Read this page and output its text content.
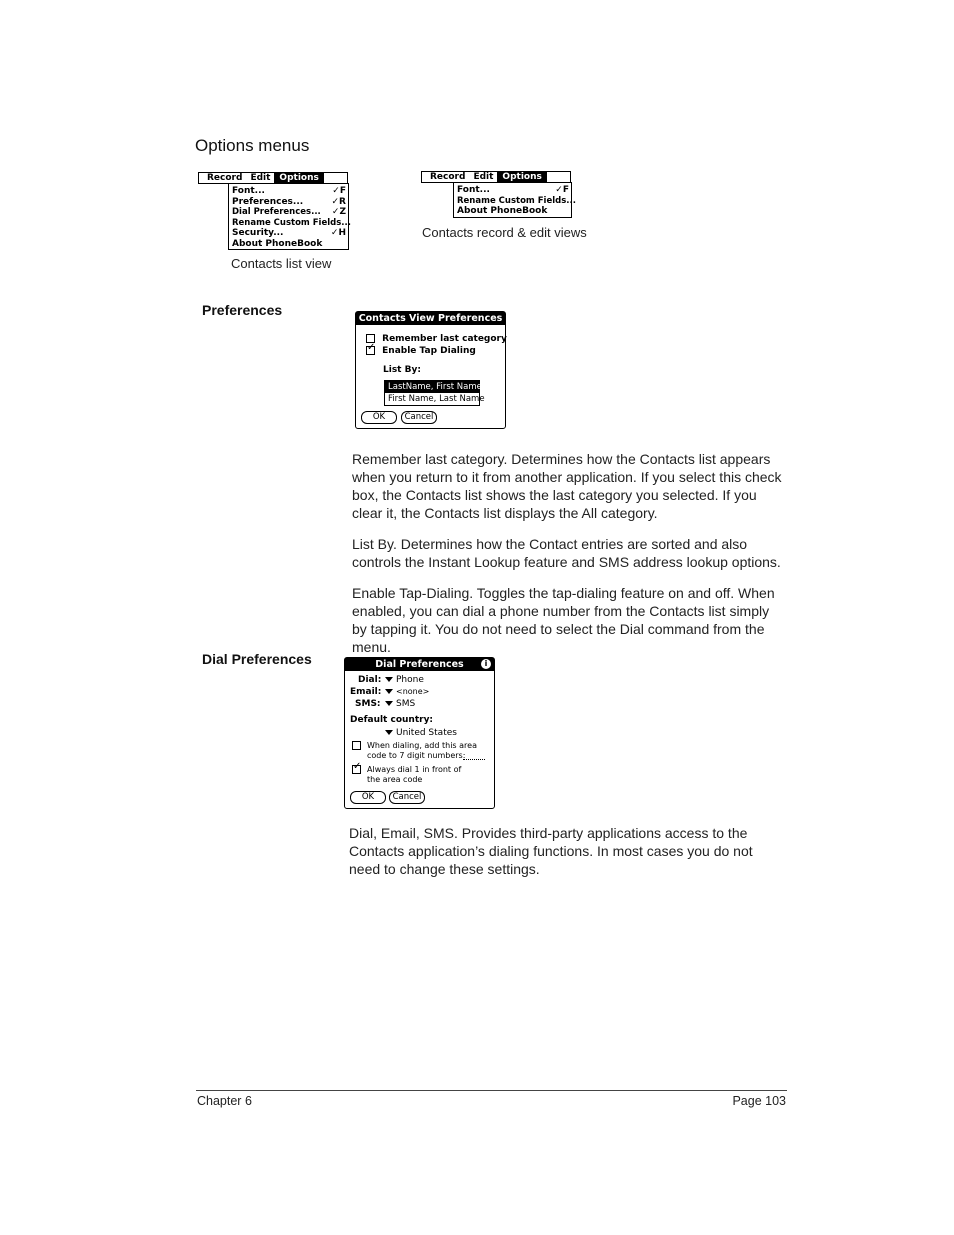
Options menus
Record Edit	Options
Font...	✓F
Preferences...	✓R
Dial Preferences...	✓Z
Rename Custom Fields...
Security...	✓H
About PhoneBook
Contacts list view
Record Edit	Options
Font...	✓F
Rename Custom Fields...
About PhoneBook
Contacts record & edit views
Preferences
Contacts View Preferences
Remember last category
✓ Enable Tap Dialing
List By:
LastName, First Name
First Name, Last Name
OK	Cancel

Remember last category. Determines how the Contacts list appears when you return to it from another application. If you select this check box, the Contacts list shows the last category you selected. If you clear it, the Contacts list displays the All category.

List By. Determines how the Contact entries are sorted and also controls the Instant Lookup feature and SMS address lookup options.

Enable Tap-Dialing. Toggles the tap-dialing feature on and off. When enabled, you can dial a phone number from the Contacts list simply by tapping it. You do not need to select the Dial command from the menu.

Dial Preferences	Dial Preferences	i
Dial:	Phone
Email:	<none>
SMS:	SMS
Default country:
United States
When dialing, add this area code to 7 digit numbers:
✓
Always dial 1 in front of the area code
OK	Cancel

Dial, Email, SMS. Provides third-party applications access to the Contacts application’s dialing functions. In most cases you do not need to change these settings.

Chapter 6	Page 103
